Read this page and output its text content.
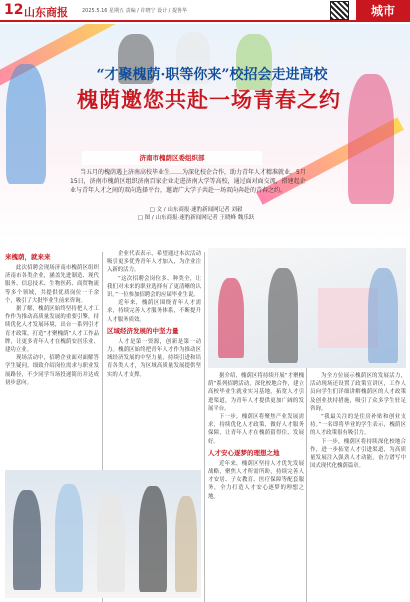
12 山东商报	2025.5.16 星期五 责编 / 许晓宁 设计 / 提鲁华	城市
“才聚槐荫·职等你来”校招会走进高校
槐荫邀您共赴一场青春之约
济南市槐荫区委组织部
当五月的槐荫遇上济南高校毕业生……为深化校企合作，助力青年人才精准就业，5月15日，济南市槐荫区组织济南百家企业走进济南大学等高校，通过面对面交流，搭建起企业与青年人才之间的双向选择平台，邀请广大学子共赴一场双向奔赴的青春之约。
□ 文 / 山东商报·速豹新闻网记者 刘毅
□ 图 / 山东商报·速豹新闻网记者 王晓峰 魏乐跃

来槐荫，就来来

此次招聘会现场济南市槐荫区组织济南市各类企业，涵盖先进制造、现代服务、信息技术、生物医药、商贸物流等多个领域，共提供优质岗位一千余个，吸引了大批毕业生前来咨询。

据了解，槐荫区始终坚持把人才工作作为推动高质量发展的重要引擎，持续优化人才发展环境，出台一系列引才育才政策，打造“才聚槐荫”人才工作品牌，让更多青年人才在槐荫安居乐业、建功立业。

现场活动中，招聘企业面对面解答学生疑问，细致介绍岗位需求与职业发展路径，不少同学当场投递简历并达成初步意向。

企业代表表示，希望通过本次活动吸引更多优秀青年人才加入，为企业注入新的活力。

“这次招聘会岗位多、种类全，让我们对未来的职业选择有了更清晰的认识。”一位参加招聘会的应届毕业生说。

近年来，槐荫区围绕青年人才需求，持续完善人才服务体系，不断提升人才服务质效。

区域经济发展的中坚力量

人才是第一资源，创新是第一动力。槐荫区始终把青年人才作为推动区域经济发展的中坚力量，持续引进和培育各类人才，为区域高质量发展提供坚实的人才支撑。	据介绍，槐荫区将持续开展“才聚槐荫”系列招聘活动，深化校地合作，建立高校毕业生就业实习基地，拓宽人才引进渠道，为青年人才提供更加广阔的发展平台。

下一步，槐荫区将聚焦产业发展需求，持续优化人才政策，做好人才服务保障，让青年人才在槐荫留得住、发展好。

人才安心逐梦的理想之地

近年来，槐荫区坚持人才优先发展战略，聚焦人才所需所盼，持续完善人才安居、子女教育、医疗保障等配套服务，全力打造人才安心逐梦的理想之地。

为全方位展示槐荫区的发展活力，活动现场还设置了政策宣讲区，工作人员向学生们详细讲解槐荫区的人才政策及创业扶持措施，吸引了众多学生驻足咨询。

“我最关注的是住房补贴和创业支持。”一名即将毕业的学生表示，槐荫区的人才政策很有吸引力。

下一步，槐荫区将持续深化校地合作，进一步拓宽人才引进渠道，为高质量发展注入强劲人才动能，奋力谱写中国式现代化槐荫篇章。
